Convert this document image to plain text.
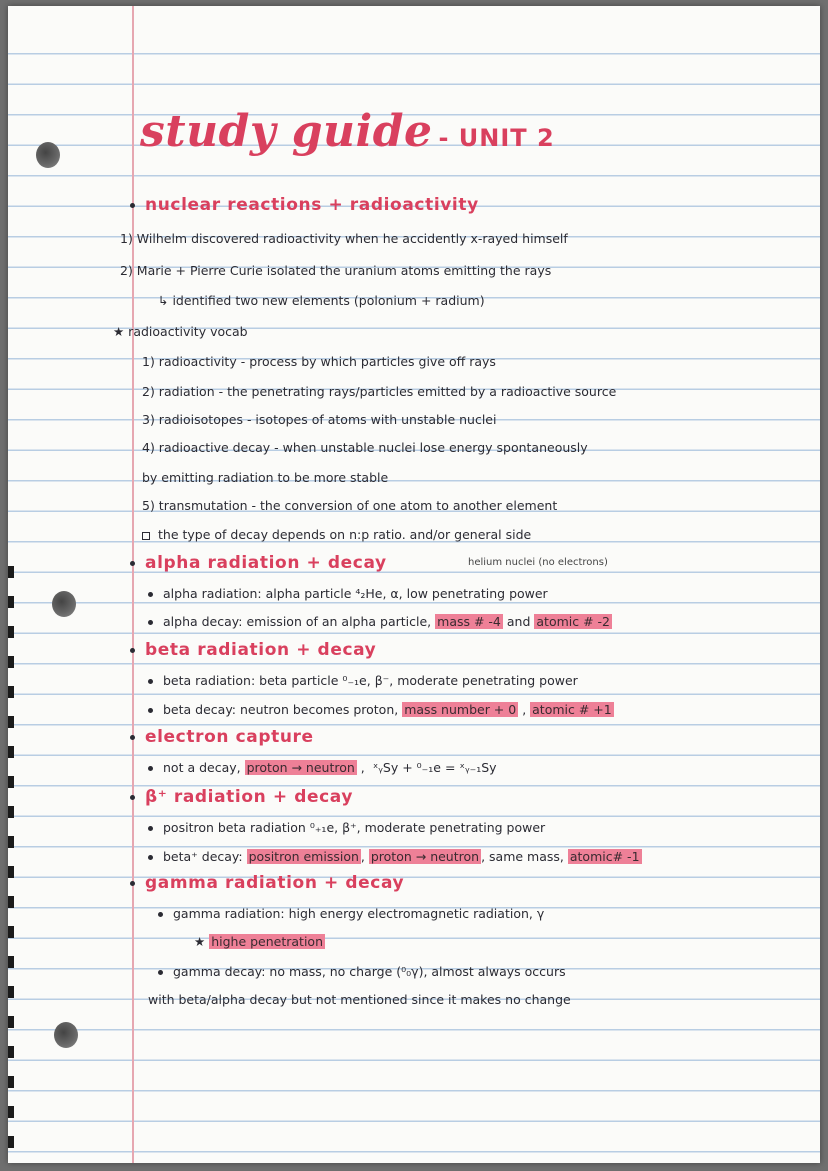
study guide - UNIT 2
nuclear reactions + radioactivity
1) Wilhelm discovered radioactivity when he accidently x-rayed himself
2) Marie + Pierre Curie isolated the uranium atoms emitting the rays
↳ identified two new elements (polonium + radium)
★ radioactivity vocab
1) radioactivity - process by which particles give off rays
2) radiation - the penetrating rays/particles emitted by a radioactive source
3) radioisotopes - isotopes of atoms with unstable nuclei
4) radioactive decay - when unstable nuclei lose energy spontaneously
by emitting radiation to be more stable
5) transmutation - the conversion of one atom to another element
the type of decay depends on n:p ratio. and/or general side
alpha radiation + decay	helium nuclei (no electrons)
alpha radiation: alpha particle ⁴₂He, α, low penetrating power
alpha decay: emission of an alpha particle, mass # -4 and atomic # -2
beta radiation + decay
beta radiation: beta particle ⁰₋₁e, β⁻, moderate penetrating power
beta decay: neutron becomes proton, mass number + 0 , atomic # +1
electron capture
not a decay, proton → neutron ,  ˣᵧSy + ⁰₋₁e = ˣᵧ₋₁Sy
β⁺ radiation + decay
positron beta radiation ⁰₊₁e, β⁺, moderate penetrating power
beta⁺ decay: positron emission , proton → neutron , same mass, atomic# -1
gamma radiation + decay
gamma radiation: high energy electromagnetic radiation, γ
★ highe penetration
gamma decay: no mass, no charge (⁰₀γ), almost always occurs
with beta/alpha decay but not mentioned since it makes no change
